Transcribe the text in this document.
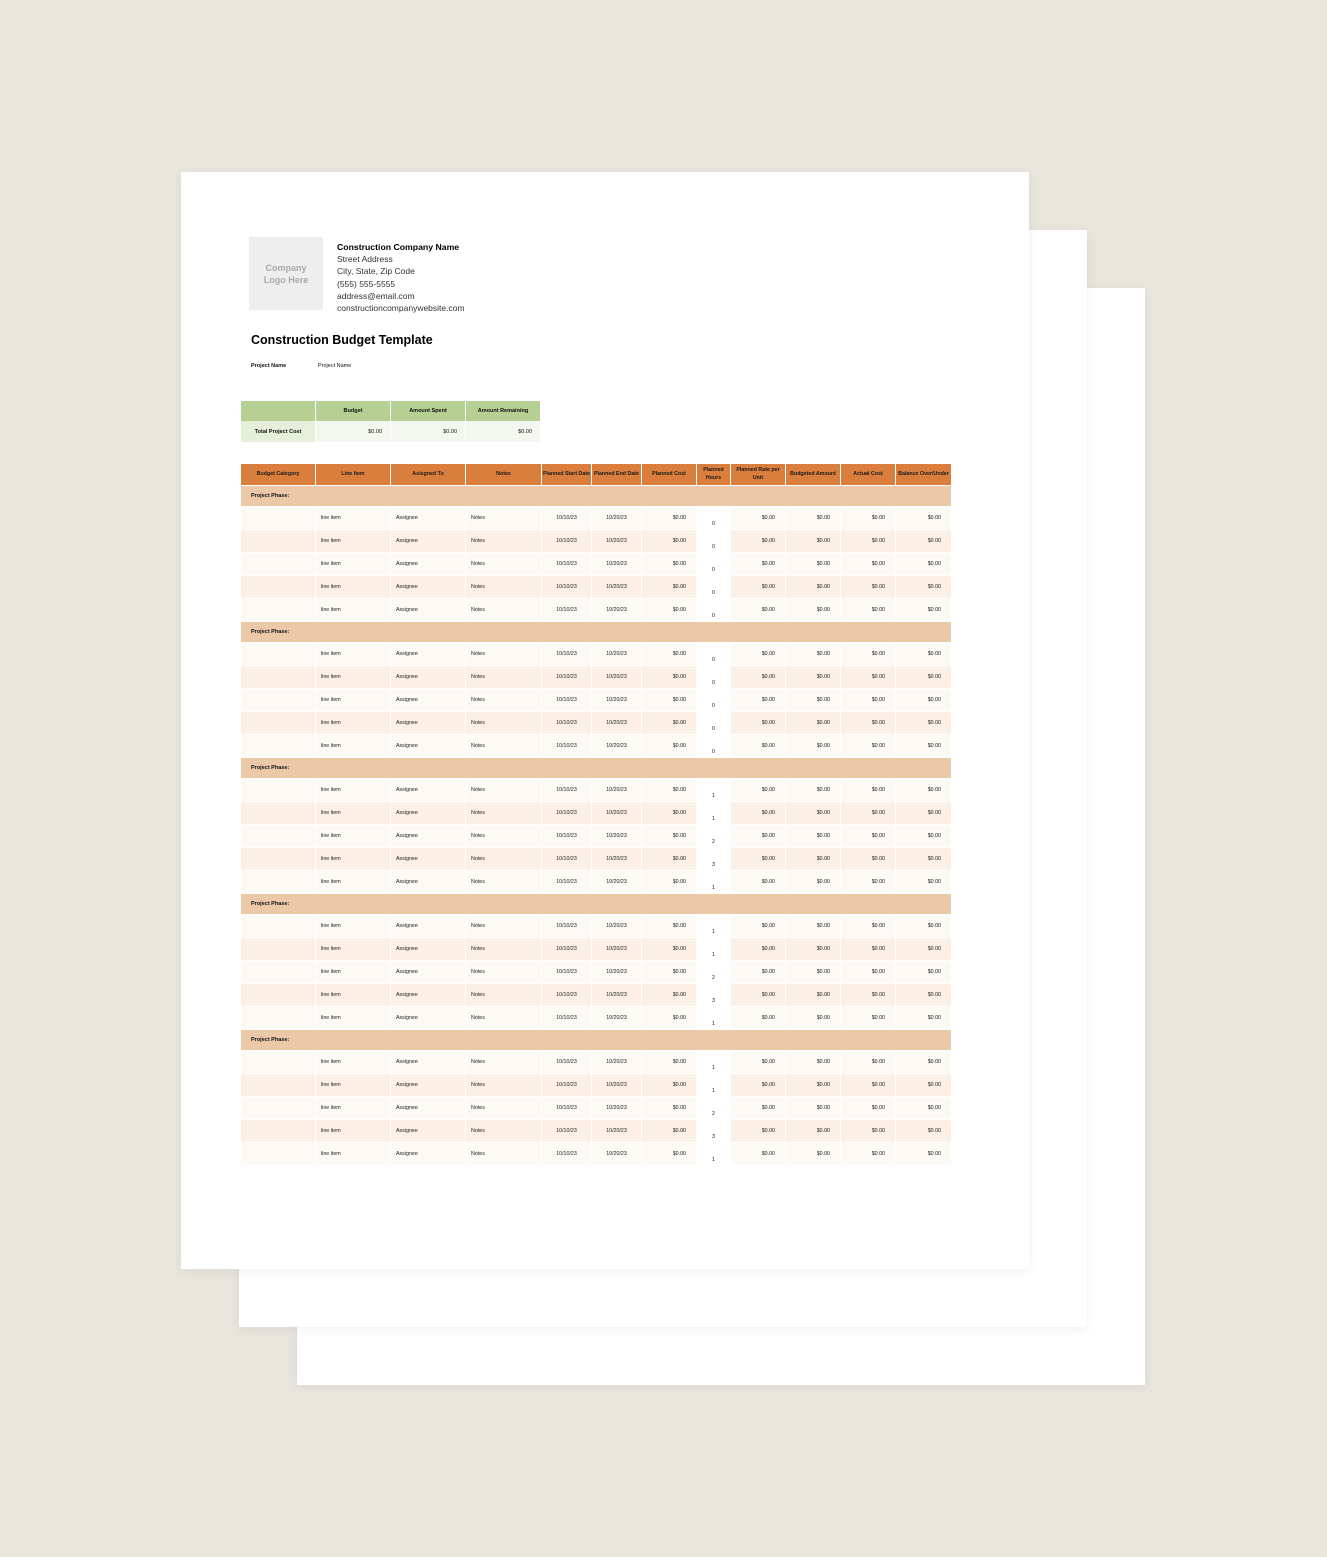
Company Logo Here
Construction Company Name
Street Address
City, State, Zip Code
(555) 555-5555
address@email.com
constructioncompanywebsite.com
Construction Budget Template
Project Name	Project Name
	Budget	Amount Spent	Amount Remaining
Total Project Cost	$0.00	$0.00	$0.00
Budget Category	Line Item	Asisgned To	Notes	Planned Start Date	Planned End Date	Planned Cost	Planned Hours	Planned Rate per Unit	Budgeted Amount	Actual Cost	Balance Over/Under
Project Phase:											
	line item	Assignee	Notes	10/10/23	10/20/23	$0.00	0	$0.00	$0.00	$0.00	$0.00
	line item	Assignee	Notes	10/10/23	10/20/23	$0.00	0	$0.00	$0.00	$0.00	$0.00
	line item	Assignee	Notes	10/10/23	10/20/23	$0.00	0	$0.00	$0.00	$0.00	$0.00
	line item	Assignee	Notes	10/10/23	10/20/23	$0.00	0	$0.00	$0.00	$0.00	$0.00
	line item	Assignee	Notes	10/10/23	10/20/23	$0.00	0	$0.00	$0.00	$0.00	$0.00
Project Phase:											
	line item	Assignee	Notes	10/10/23	10/20/23	$0.00	0	$0.00	$0.00	$0.00	$0.00
	line item	Assignee	Notes	10/10/23	10/20/23	$0.00	0	$0.00	$0.00	$0.00	$0.00
	line item	Assignee	Notes	10/10/23	10/20/23	$0.00	0	$0.00	$0.00	$0.00	$0.00
	line item	Assignee	Notes	10/10/23	10/20/23	$0.00	0	$0.00	$0.00	$0.00	$0.00
	line item	Assignee	Notes	10/10/23	10/20/23	$0.00	0	$0.00	$0.00	$0.00	$0.00
Project Phase:											
	line item	Assignee	Notes	10/10/23	10/20/23	$0.00	1	$0.00	$0.00	$0.00	$0.00
	line item	Assignee	Notes	10/10/23	10/20/23	$0.00	1	$0.00	$0.00	$0.00	$0.00
	line item	Assignee	Notes	10/10/23	10/20/23	$0.00	2	$0.00	$0.00	$0.00	$0.00
	line item	Assignee	Notes	10/10/23	10/20/23	$0.00	3	$0.00	$0.00	$0.00	$0.00
	line item	Assignee	Notes	10/10/23	10/20/23	$0.00	1	$0.00	$0.00	$0.00	$0.00
Project Phase:											
	line item	Assignee	Notes	10/10/23	10/20/23	$0.00	1	$0.00	$0.00	$0.00	$0.00
	line item	Assignee	Notes	10/10/23	10/20/23	$0.00	1	$0.00	$0.00	$0.00	$0.00
	line item	Assignee	Notes	10/10/23	10/20/23	$0.00	2	$0.00	$0.00	$0.00	$0.00
	line item	Assignee	Notes	10/10/23	10/20/23	$0.00	3	$0.00	$0.00	$0.00	$0.00
	line item	Assignee	Notes	10/10/23	10/20/23	$0.00	1	$0.00	$0.00	$0.00	$0.00
Project Phase:											
	line item	Assignee	Notes	10/10/23	10/20/23	$0.00	1	$0.00	$0.00	$0.00	$0.00
	line item	Assignee	Notes	10/10/23	10/20/23	$0.00	1	$0.00	$0.00	$0.00	$0.00
	line item	Assignee	Notes	10/10/23	10/20/23	$0.00	2	$0.00	$0.00	$0.00	$0.00
	line item	Assignee	Notes	10/10/23	10/20/23	$0.00	3	$0.00	$0.00	$0.00	$0.00
	line item	Assignee	Notes	10/10/23	10/20/23	$0.00	1	$0.00	$0.00	$0.00	$0.00
